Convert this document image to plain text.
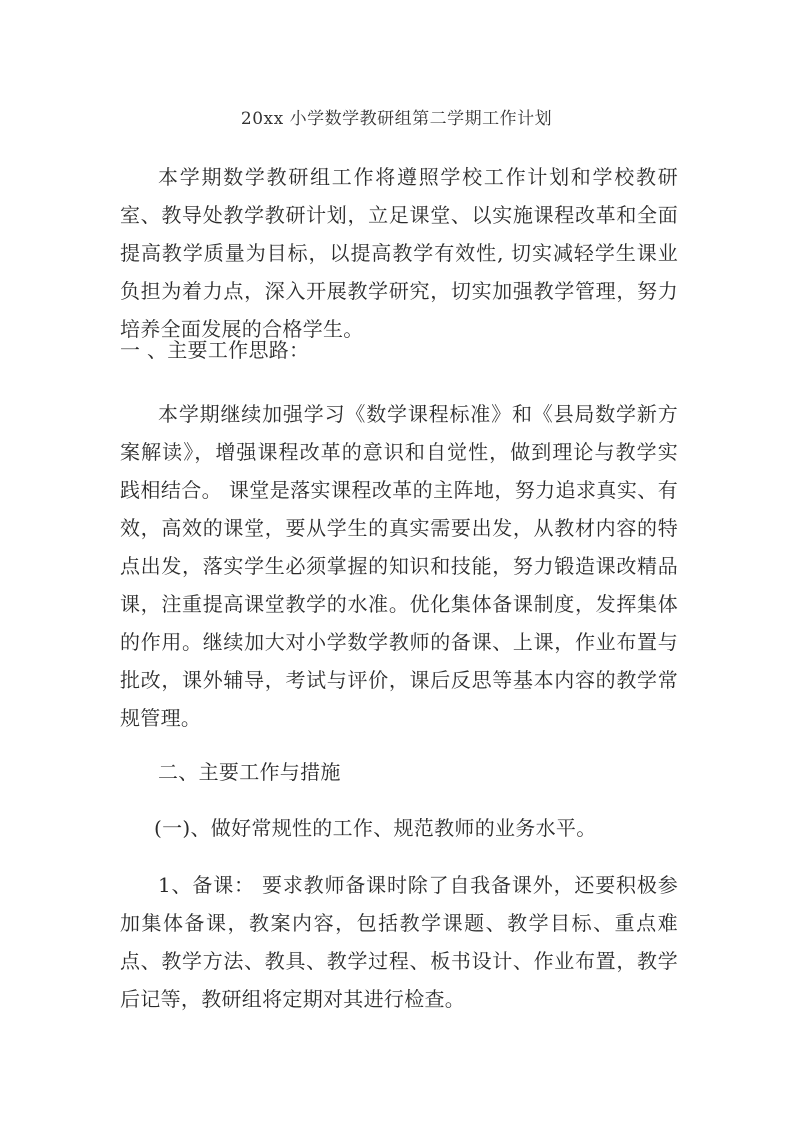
20xx 小学数学教研组第二学期工作计划

本学期数学教研组工作将遵照学校工作计划和学校教研室、教导处教学教研计划，立足课堂、以实施课程改革和全面提高教学质量为目标，以提高教学有效性, 切实减轻学生课业负担为着力点，深入开展教学研究，切实加强教学管理，努力培养全面发展的合格学生。

一 、主要工作思路：

本学期继续加强学习《数学课程标准》和《县局数学新方案解读》，增强课程改革的意识和自觉性，做到理论与教学实践相结合。 课堂是落实课程改革的主阵地，努力追求真实、有效，高效的课堂，要从学生的真实需要出发，从教材内容的特点出发，落实学生必须掌握的知识和技能，努力锻造课改精品课，注重提高课堂教学的水准。优化集体备课制度，发挥集体的作用。继续加大对小学数学教师的备课、上课，作业布置与批改，课外辅导，考试与评价，课后反思等基本内容的教学常规管理。

二、主要工作与措施
(一)、做好常规性的工作、规范教师的业务水平。

1、备课： 要求教师备课时除了自我备课外，还要积极参加集体备课，教案内容，包括教学课题、教学目标、重点难点、教学方法、教具、教学过程、板书设计、作业布置，教学后记等，教研组将定期对其进行检查。
